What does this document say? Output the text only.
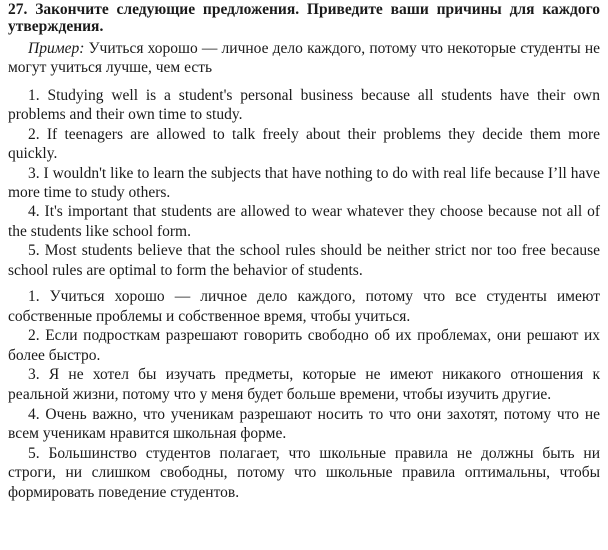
27. Закончите следующие предложения. Приведите ваши причины для каждого утверждения.

Пример: Учиться хорошо — личное дело каждого, потому что некоторые студенты не могут учиться лучше, чем есть

1. Studying well is a student's personal business because all students have their own problems and their own time to study.

2. If teenagers are allowed to talk freely about their problems they decide them more quickly.

3. I wouldn't like to learn the subjects that have nothing to do with real life because I’ll have more time to study others.

4. It's important that students are allowed to wear whatever they choose because not all of the students like school form.

5. Most students believe that the school rules should be neither strict nor too free because school rules are optimal to form the behavior of students.

1. Учиться хорошо — личное дело каждого, потому что все студенты имеют собственные проблемы и собственное время, чтобы учиться.

2. Если подросткам разрешают говорить свободно об их проблемах, они решают их более быстро.

3. Я не хотел бы изучать предметы, которые не имеют никакого отношения к реальной жизни, потому что у меня будет больше времени, чтобы изучить другие.

4. Очень важно, что ученикам разрешают носить то что они захотят, потому что не всем ученикам нравится школьная форме.

5. Большинство студентов полагает, что школьные правила не должны быть ни строги, ни слишком свободны, потому что школьные правила оптимальны, чтобы формировать поведение студентов.
